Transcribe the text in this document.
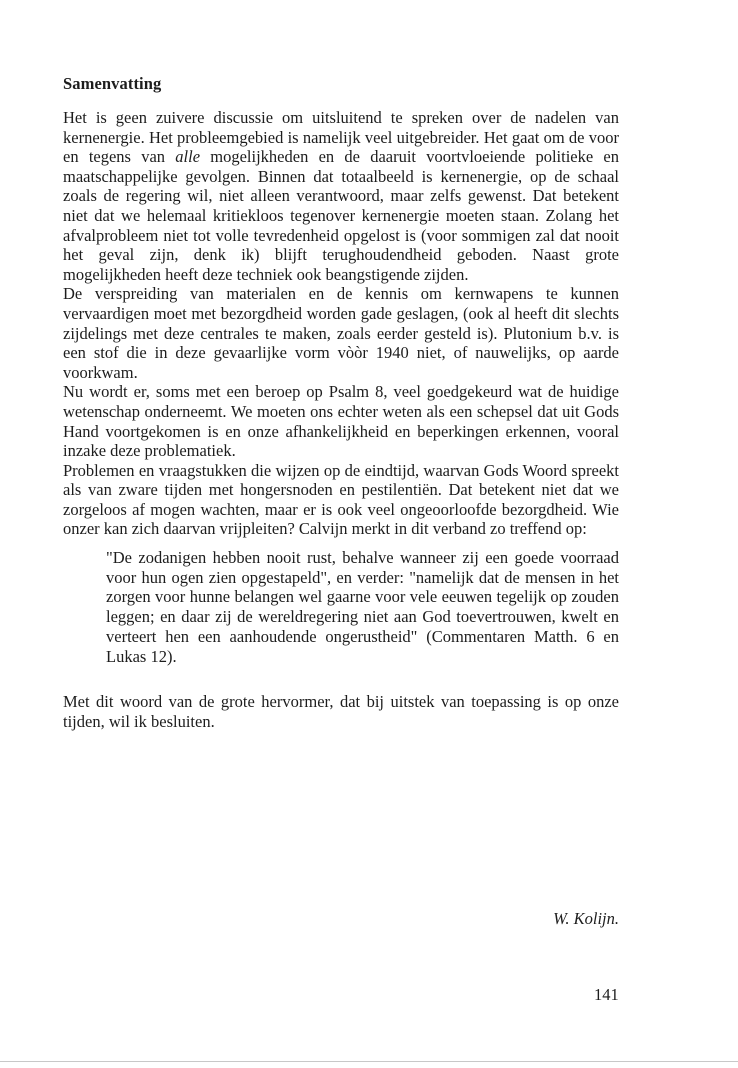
Samenvatting

Het is geen zuivere discussie om uitsluitend te spreken over de nadelen van kernenergie. Het probleemgebied is namelijk veel uitgebreider. Het gaat om de voor en tegens van alle mogelijkheden en de daaruit voortvloeiende politieke en maatschappelijke gevolgen. Binnen dat totaalbeeld is kernenergie, op de schaal zoals de regering wil, niet alleen verantwoord, maar zelfs gewenst. Dat betekent niet dat we helemaal kritiekloos tegenover kernenergie moeten staan. Zolang het afvalprobleem niet tot volle tevredenheid opgelost is (voor sommigen zal dat nooit het geval zijn, denk ik) blijft terughoudendheid geboden. Naast grote mogelijkheden heeft deze techniek ook beangstigende zijden.

De verspreiding van materialen en de kennis om kernwapens te kunnen vervaardigen moet met bezorgdheid worden gade geslagen, (ook al heeft dit slechts zijdelings met deze centrales te maken, zoals eerder gesteld is). Plutonium b.v. is een stof die in deze gevaarlijke vorm vòòr 1940 niet, of nauwelijks, op aarde voorkwam.

Nu wordt er, soms met een beroep op Psalm 8, veel goedgekeurd wat de huidige wetenschap onderneemt. We moeten ons echter weten als een schepsel dat uit Gods Hand voortgekomen is en onze afhankelijkheid en beperkingen erkennen, vooral inzake deze problematiek.

Problemen en vraagstukken die wijzen op de eindtijd, waarvan Gods Woord spreekt als van zware tijden met hongersnoden en pestilentiën. Dat betekent niet dat we zorgeloos af mogen wachten, maar er is ook veel ongeoorloofde bezorgdheid. Wie onzer kan zich daarvan vrijpleiten? Calvijn merkt in dit verband zo treffend op:

"De zodanigen hebben nooit rust, behalve wanneer zij een goede voorraad voor hun ogen zien opgestapeld", en verder: "namelijk dat de mensen in het zorgen voor hunne belangen wel gaarne voor vele eeuwen tegelijk op zouden leggen; en daar zij de wereldregering niet aan God toevertrouwen, kwelt en verteert hen een aanhoudende ongerustheid" (Commentaren Matth. 6 en Lukas 12).

Met dit woord van de grote hervormer, dat bij uitstek van toepassing is op onze tijden, wil ik besluiten.

W. Kolijn.

141
